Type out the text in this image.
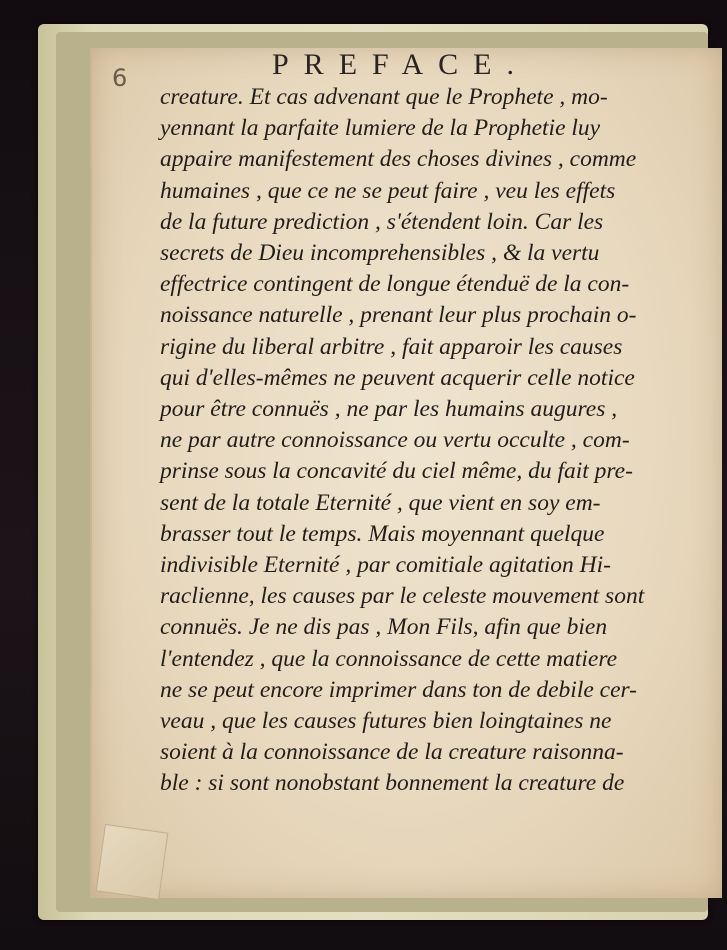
6	PREFACE.
creature. Et cas advenant que le Prophete , mo-
yennant la parfaite lumiere de la Prophetie luy
appaire manifestement des choses divines , comme
humaines , que ce ne se peut faire , veu les effets
de la future prediction , s'étendent loin. Car les
secrets de Dieu incomprehensibles , & la vertu
effectrice contingent de longue étenduë de la con-
noissance naturelle , prenant leur plus prochain o-
rigine du liberal arbitre , fait apparoir les causes
qui d'elles-mêmes ne peuvent acquerir celle notice
pour être connuës , ne par les humains augures ,
ne par autre connoissance ou vertu occulte , com-
prinse sous la concavité du ciel même, du fait pre-
sent de la totale Eternité , que vient en soy em-
brasser tout le temps. Mais moyennant quelque
indivisible Eternité , par comitiale agitation Hi-
raclienne, les causes par le celeste mouvement sont
connuës. Je ne dis pas , Mon Fils, afin que bien
l'entendez , que la connoissance de cette matiere
ne se peut encore imprimer dans ton de debile cer-
veau , que les causes futures bien loingtaines ne
soient à la connoissance de la creature raisonna-
ble : si sont nonobstant bonnement la creature de
